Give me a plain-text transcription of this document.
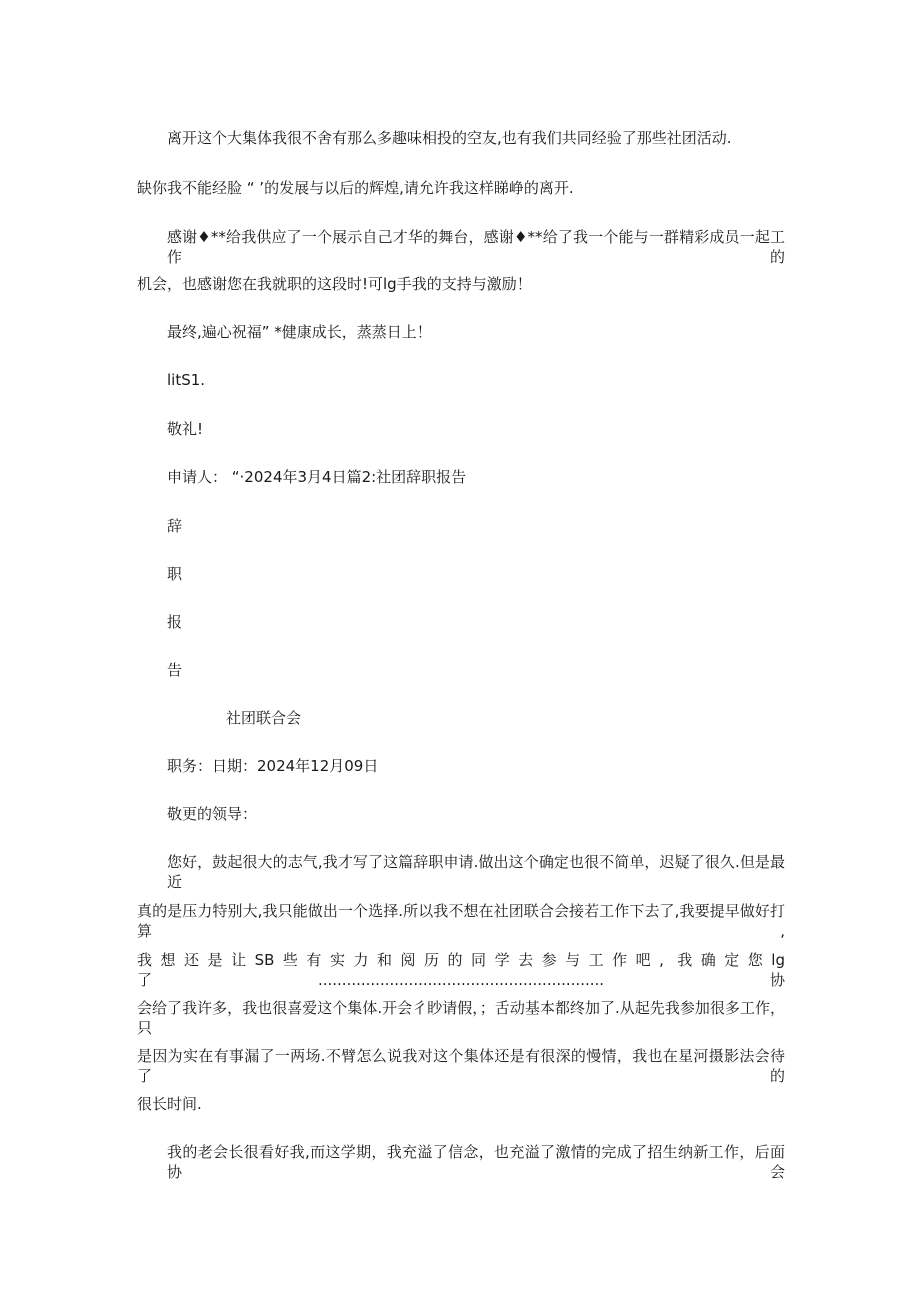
离开这个大集体我很不舍有那么多趣味相投的空友,也有我们共同经验了那些社团活动.
缺你我不能经脸 “ ’的发展与以后的辉煌,请允许我这样睇峥的离开.
感谢♦**给我供应了一个展示自己才华的舞台，感谢♦**给了我一个能与一群精彩成员一起工作的
机会，也感谢您在我就职的这段时!可lg手我的支持与激励！
最终,遍心祝福” *健康成长，蒸蒸日上！
litS1.
敬礼!
申请人： “·2024年3月4日篇2:社团辞职报告
辞
职
报
告
社团联合会
职务：日期：2024年12月09日
敬更的领导：
您好，鼓起很大的志气,我才写了这篇辞职申请.做出这个确定也很不简单，迟疑了很久.但是最近
真的是压力特别大,我只能做出一个选择.所以我不想在社团联合会接若工作下去了,我要提早做好打算,
我想还是让SB些有实力和阅历的同学去参与工作吧, 我确定您lg了............................................................协
会给了我许多，我也很喜爱这个集体.开会彳眇请假，；舌动基本都终加了.从起先我参加很多工作，只
是因为实在有事漏了一两场.不臂怎么说我对这个集体还是有很深的慢情，我也在星河摄影法会待了的
很长时间.
我的老会长很看好我,而这学期，我充溢了信念，也充溢了激情的完成了招生纳新工作，后面协会
